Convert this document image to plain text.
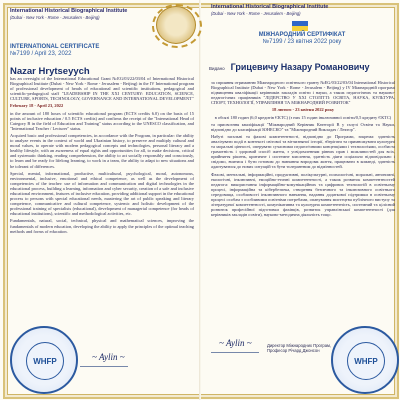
International Historical Biographical Institute
(Dubai - New York - Rome - Jerusalem - Beijing)
INTERNATIONAL CERTIFICATE
№7199 / April 23, 2022
Nazar Hrytseyych

has an oversight of the International Educational Grant №EG/03/22/03/04 of International Historical Biographical Institute (Dubai - New York - Rome - Jerusalem - Beijing) in the IV International program of professional development of heads of educational and scientific institutions, pedagogical and scientific-pedagogical staff "LEADERSHIP IN THE XXI CENTURY: EDUCATION, SCIENCE, CULTURE, SPORTS, TECHNOLOGY, GOVERNANCE AND INTERNATIONAL DEVELOPMENT"

February 18 - April 23, 2022

in the amount of 180 hours of scientific educational program (ECTS credits 6.0) on the basis of 15 points of inclusive education / 0.5 ECTS credits) and confirms the receipt of the "International Head of Category B in the field of Education and Training" status according to the UNESCO classification, and "International Teacher / Lecturer" status.

Acquired basic and professional competencies, in accordance with the Program, in particular: the ability to analyze events in the context of world and Ukrainian history, to preserve and multiply cultural and moral values, to operate with modern pedagogical concepts and technologies, personal literacy and a healthy lifestyle, with an awareness of equal rights and opportunities for all, to make decisions, critical and systematic thinking, reading comprehension, the ability to act socially responsibly and consciously, to learn and be ready for lifelong learning, to work in a team, the ability to adapt to new situations and be tolerant of differences.

Special, mental, informational, productive, multicultural, psychological, moral, autonomous, environmental, inclusive, emotional and ethical competence, as well as the development of competencies of the teacher: use of information and communication and digital technologies in the educational process, building a learning, information and cyber security, creation of a safe and inclusive educational environment, features of inclusive education, providing additional support in the educational process to persons with special educational needs, mastering the art of public speaking and literary competence, communicative and cultural competence, systemic and holistic development of the professional training of specialists (educational), development of managerial competence (for heads of educational institutions), scientific and methodological activities, etc.

Fundamentals, natural, social, technical, physical and mathematical sciences, improving the fundamentals of modern education, developing the ability to apply the principles of the optimal teaching methods and forms of education.

WHFP	~ Aylin ~
International Historical Biographical Institute
(Dubai - New York - Rome - Jerusalem - Beijing)
МІЖНАРОДНИЙ СЕРТИФІКАТ
№7199 / 23 квітня 2022 року
Видано Грицевичу Назару Романовичу

за сприяння отриманню Міжнародного освітнього гранту №EG/03/22/03/04 International Historical Biographical Institute (Dubai - New York - Rome - Jerusalem - Beijing) у ІV Міжнародній програмі підвищення кваліфікації керівників закладів освіти і науки, а також педагогічних та науково-педагогічних працівників "ЛІДЕРСТВО У XXI СТОЛІТТІ: ОСВІТА, НАУКА, КУЛЬТУРА, СПОРТ, ТЕХНОЛОГІЇ, УПРАВЛІННЯ ТА МІЖНАРОДНИЙ РОЗВИТОК"

18 лютого - 23 квітня 2022 року

в обсязі 180 годин (6,0 кредитів ЄКТС) (з них 15 годин інклюзивної освіти/0,5 кредиту ЄКТС)

та присвоєння кваліфікації "Міжнародний Керівник Категорії В у галузі Освіти та Науки, відповідно до класифікації ЮНЕСКО" та "Міжнародний Викладач / Лектор".

Набуті загальні та фахові компетентності, відповідно до Програми, зокрема: здатність аналізувати події в контексті світової та вітчизняної історії, зберігати та примножувати культурні та моральні цінності, оперувати сучасними педагогічними концепціями і технологіями, особиста грамотність і здоровий спосіб життя, з усвідомленням рівних прав і можливостей для всіх, прийняття рішень, критичне і системне мислення, здатність діяти соціально відповідально і свідомо, вчитися і бути готовим до навчання впродовж життя, працювати в команді, здатність адаптуватися до нових ситуацій та бути толерантним до відмінностей.

Фахові, ментальні, інформаційні, продуктивні, полікультурні, психологічні, моральні, автономні, екологічні, інклюзивні, емоційно-етичні компетентності, а також розвиток компетентностей педагога: використання інформаційно-комунікаційних та цифрових технологій в освітньому процесі, інформаційна та кібербезпека, створення безпечного та інклюзивного освітнього середовища, особливості інклюзивного навчання, надання додаткової підтримки в освітньому процесі особам з особливими освітніми потребами, опанування мистецтва публічного виступу та літературної компетентності, комунікативна та культурна компетентність, системний та цілісний розвиток професійної підготовки фахівців, розвиток управлінської компетентності (для керівників закладів освіти), науково-методична діяльність тощо.

~ Aylin ~	Директор Міжнародних Програм,
Професор Річард Джонсон
WHFP
